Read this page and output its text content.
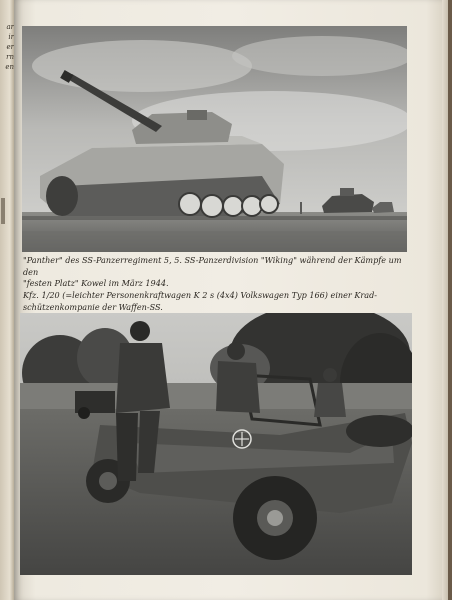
ar
ir
er
rn
en

"Panther" des SS-Panzerregiment 5, 5. SS-Panzerdivision "Wiking" während der Kämpfe um den
"festen Platz" Kowel im März 1944.

Kfz. 1/20 (=leichter Personenkraftwagen K 2 s (4x4) Volkswagen Typ 166) einer Krad-
schützenkompanie der Waffen-SS.
